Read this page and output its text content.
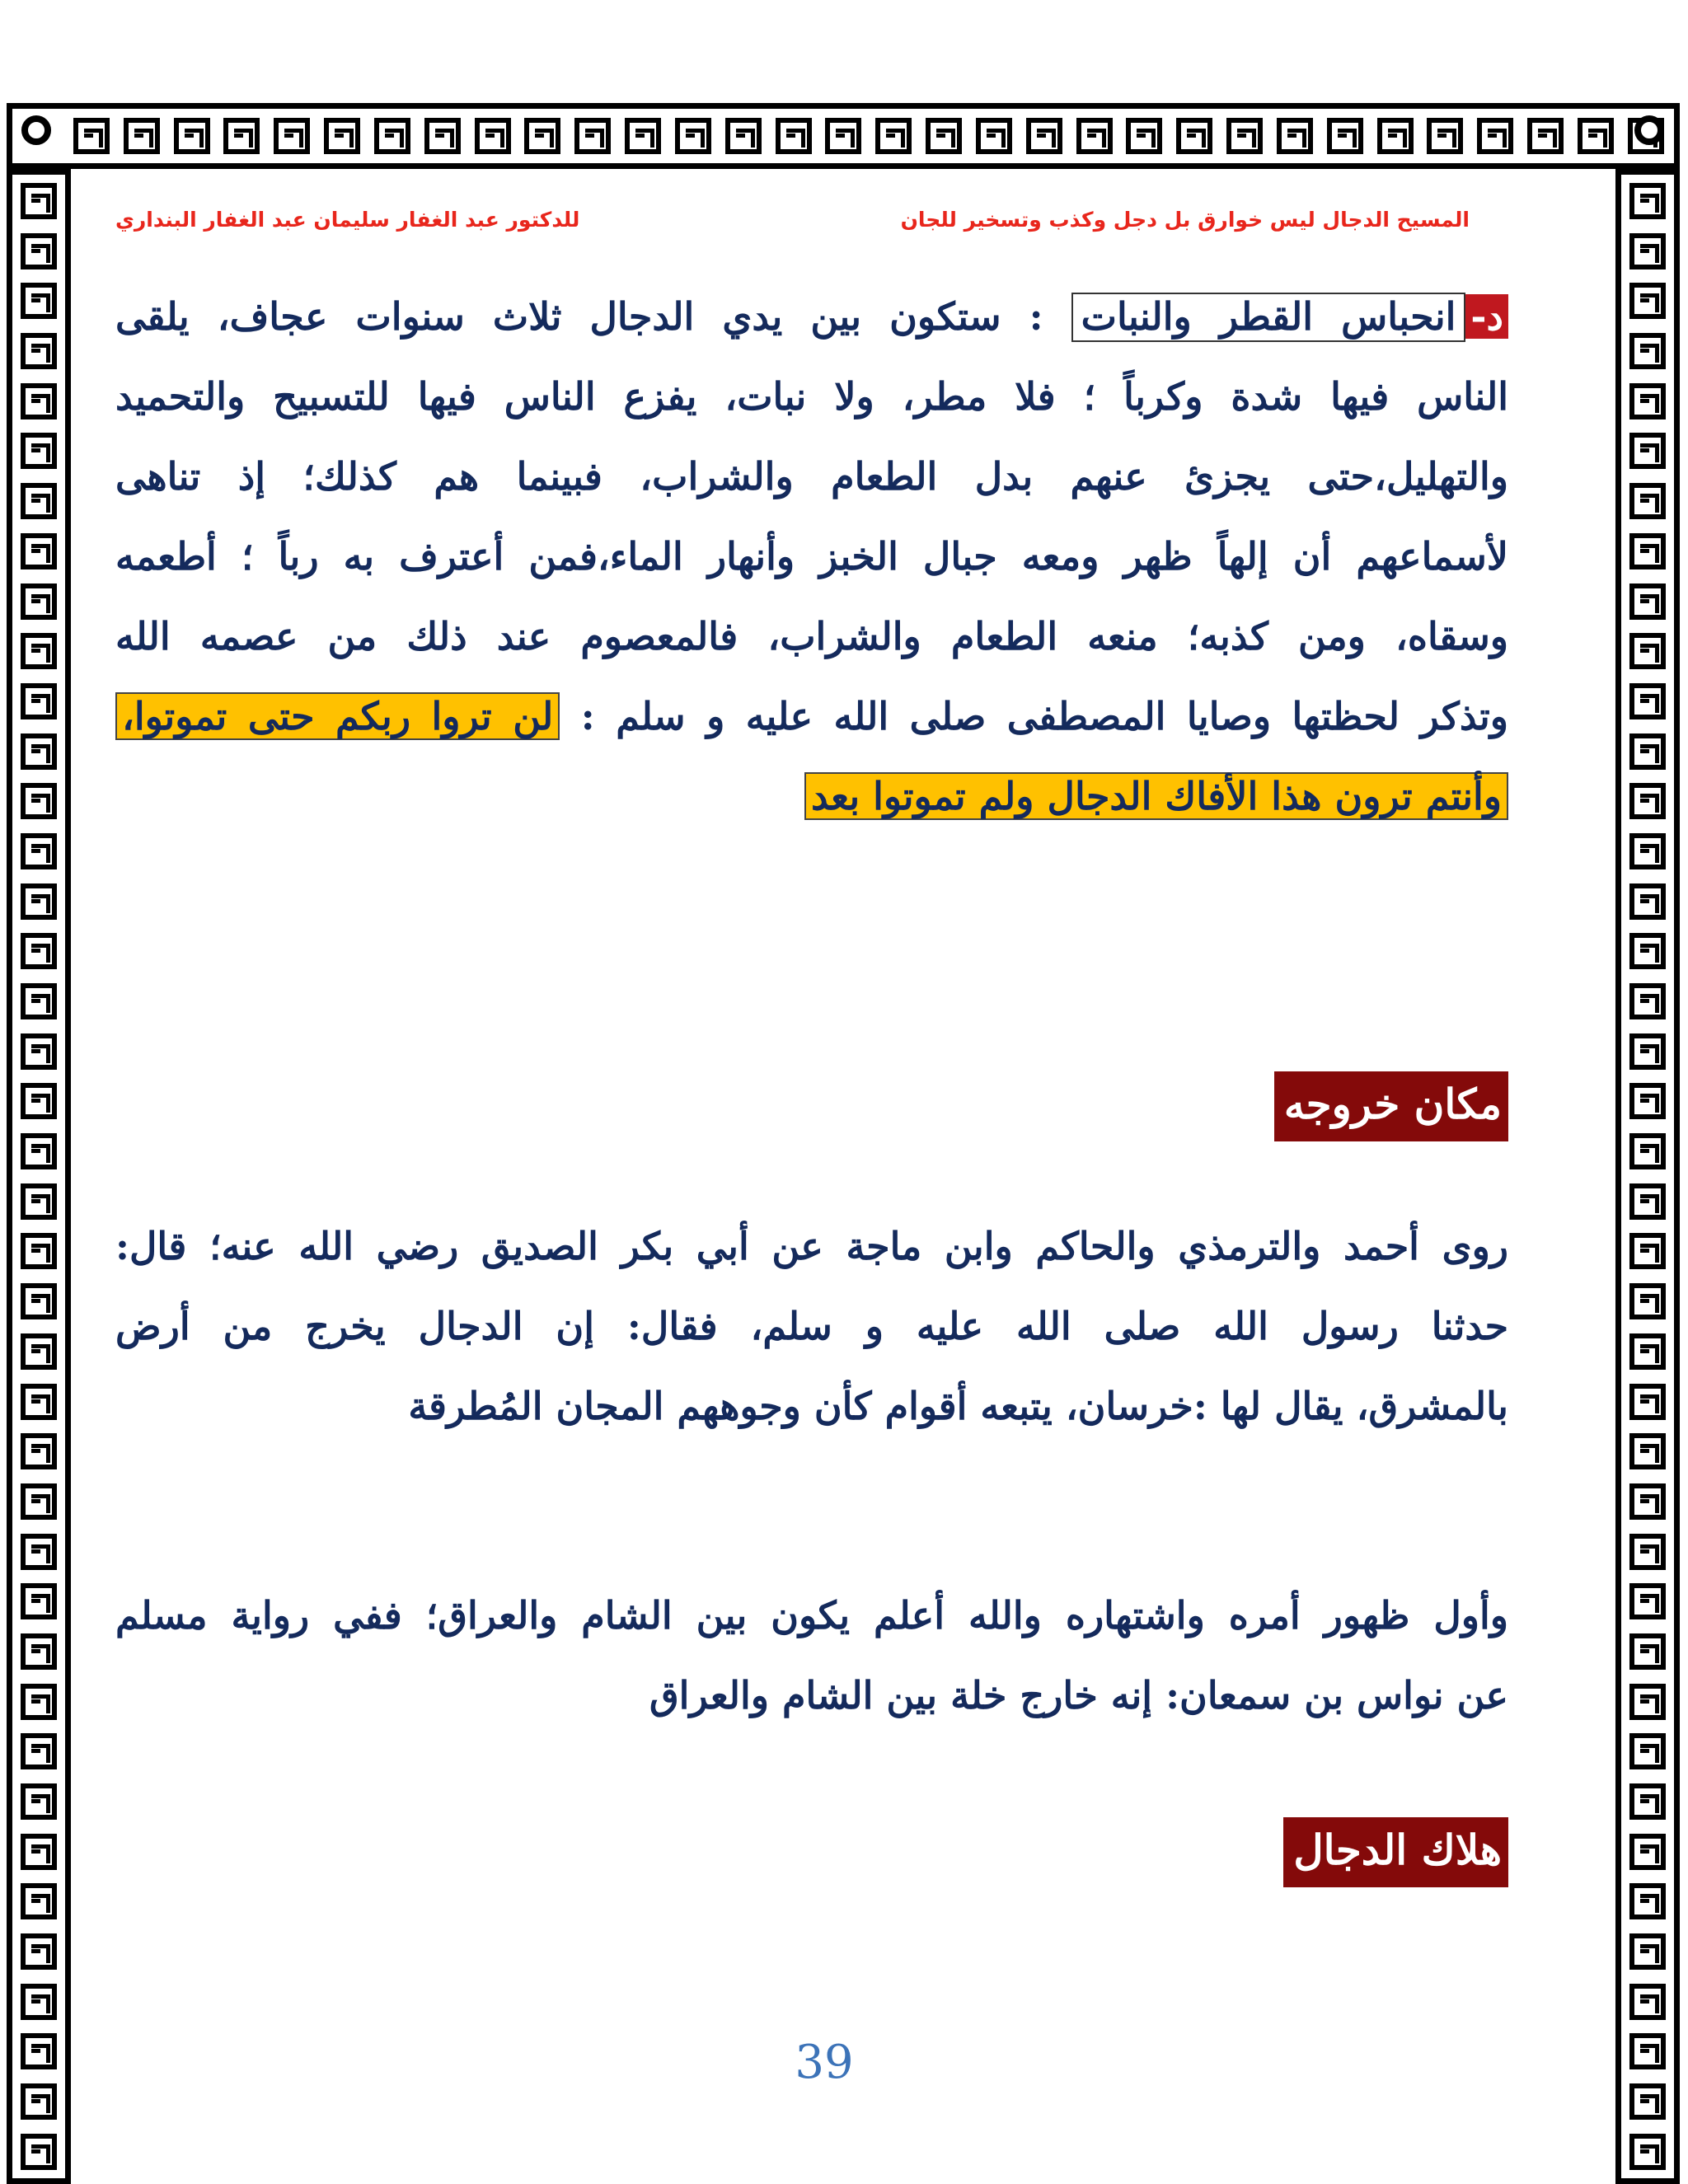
المسيح الدجال ليس خوارق بل دجل وكذب وتسخير للجان
للدكتور عبد الغفار سليمان عبد الغفار البنداري
د-انحباس القطر والنبات : ستكون بين يدي الدجال ثلاث سنوات عجاف، يلقى
الناس فيها شدة وكرباً ؛ فلا مطر، ولا نبات، يفزع الناس فيها للتسبيح والتحميد
والتهليل،حتى يجزئ عنهم بدل الطعام والشراب، فبينما هم كذلك؛ إذ تناهى
لأسماعهم أن إلهاً ظهر ومعه جبال الخبز وأنهار الماء،فمن أعترف به رباً ؛ أطعمه
وسقاه، ومن كذبه؛ منعه الطعام والشراب، فالمعصوم عند ذلك من عصمه الله
وتذكر لحظتها وصايا المصطفى صلى الله عليه و سلم : لن تروا ربكم حتى تموتوا،
وأنتم ترون هذا الأفاك الدجال ولم تموتوا بعد
مكان خروجه
روى أحمد والترمذي والحاكم وابن ماجة عن أبي بكر الصديق رضي الله عنه؛ قال:
حدثنا رسول الله صلى الله عليه و سلم، فقال: إن الدجال يخرج من أرض
بالمشرق، يقال لها :خرسان، يتبعه أقوام كأن وجوههم المجان المُطرقة
وأول ظهور أمره واشتهاره والله أعلم يكون بين الشام والعراق؛ ففي رواية مسلم
عن نواس بن سمعان: إنه خارج خلة بين الشام والعراق
هلاك الدجال
39
